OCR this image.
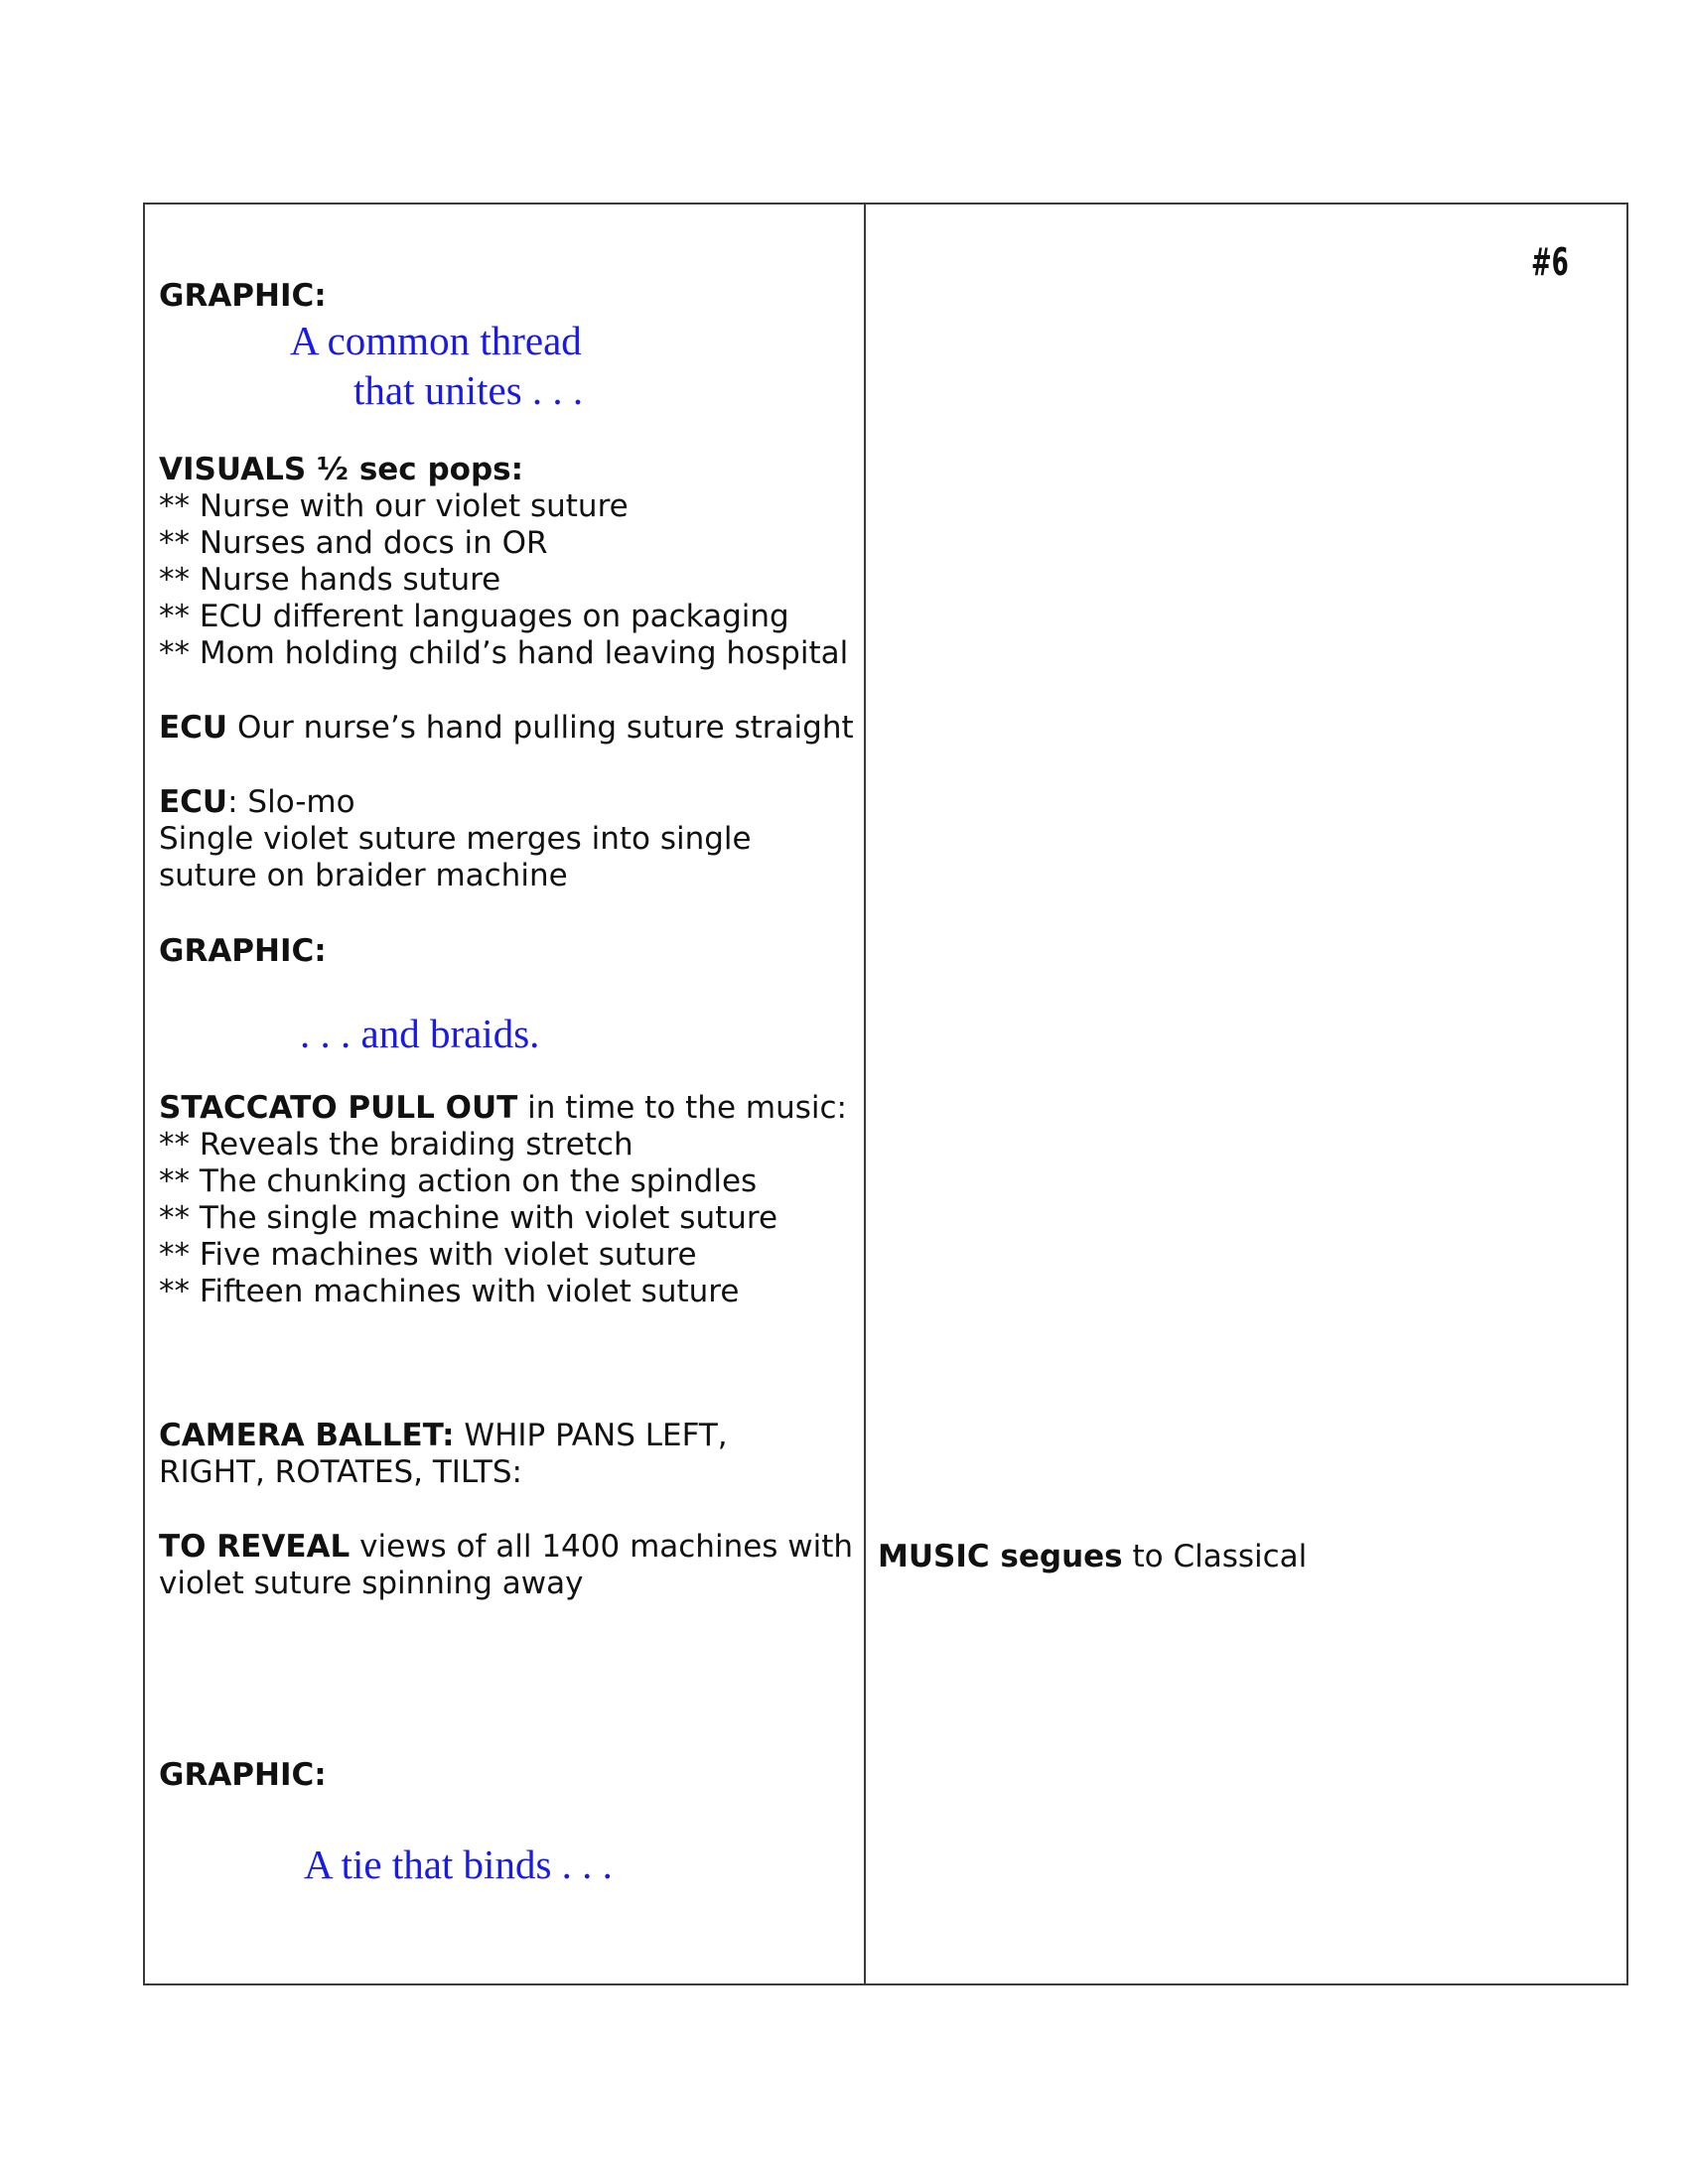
#6
GRAPHIC:
A common thread
that unites . . .
VISUALS ½ sec pops:
** Nurse with our violet suture
** Nurses and docs in OR
** Nurse hands suture
** ECU different languages on packaging
** Mom holding child’s hand leaving hospital
ECU Our nurse’s hand pulling suture straight
ECU: Slo-mo
Single violet suture merges into single
suture on braider machine
GRAPHIC:
. . . and braids.
STACCATO PULL OUT in time to the music:
** Reveals the braiding stretch
** The chunking action on the spindles
** The single machine with violet suture
** Five machines with violet suture
** Fifteen machines with violet suture
CAMERA BALLET: WHIP PANS LEFT,
RIGHT, ROTATES, TILTS:
TO REVEAL views of all 1400 machines with
violet suture spinning away
MUSIC segues to Classical
GRAPHIC:
A tie that binds . . .
